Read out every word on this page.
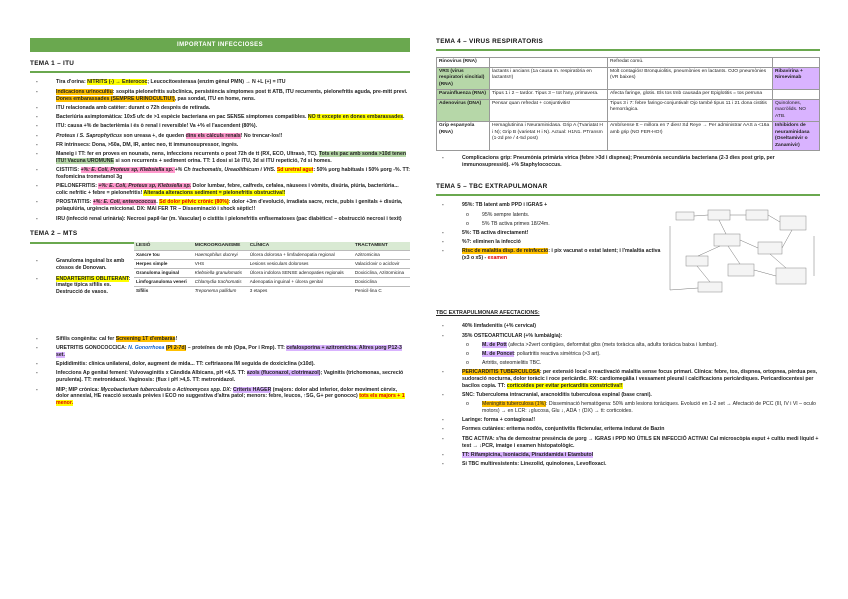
IMPORTANT INFECCIOSES
TEMA 1 – ITU
- Tira d'orina: NITRITS (-) → Enterococ; Leucocitoesterasa (enzim gènul PMN) → N +L (+) = ITU
- Indicacions urinocultiu: sospita pielonefritis subclínica, persistència símptomes post tt ATB, ITU recurrents, pielonefritis aguda, pre-mitt previ. Dones embarassades (SEMPRE URINOCULTIU!), pas sondat, ITU en home, nens.
- ITU relacionada amb catèter: durant o 72h després de retirada.
- Bacteriúria asimptomàtica: 10x5 ufc de >1 espècie bacteriana en pac SENSE símptomes compatibles. NO tt excepte en dones embarassades.
- ITU: causa +% de bacterièmia i és ò renal i reversible! Va +% el l'ascendent (80%).
- Proteus i S. Saprophyticus son ureasa +, de queden dins els càlculs renals! No trencar-los!!
- FR intrínsecs: Dona, >50a, DM, IR, antec neo, tt immunosupressor, ingrés.
- Maneig i TT: fer en proves en nounats, nens, infeccions recurrents o post 72h de tt (RX, ECO, Ultrasò, TC). Tots els pac amb sonda >10d tenen ITU! Vacuna UROMUNE si son recurrents + sediment orina. TT: 1 dosi si 1è ITU, 3d si ITU repetició, 7d si homes.
- CISTITIS: +%: E. Coli, Proteus sp, Klebsiella sp. +% Ch trachomatis, Ureaolithicum i VHS. Sd uretral agut: 50% μorg habituals i 50% μorg -%. TT: fosfomicina trometamol 3g
- PIELONEFRITIS: +%: E. Coli, Proteus sp, Klebsiella sp. Dolor lumbar, febre, calfreds, cefalea, nàusees i vòmits, disúria, piúria, bacteriúria... colic nefrític + febre = pielonefritis! Alterada alteracions sediment = pielonefritis obstructiva!!
- PROSTATITIS: +%: E. Coli, enterococcus. Sd dolor pèlvic crònic (80%): dolor +3m d'evolució, irradiata sacre, recte, pubis i genitals + disúria, polaquiúria, urgència miccional. DX: MAI FER TR – Disseminació i shock sèptic!!
- IRU (infecció renal urinària): Necrosi papil·lar (m. Vascular) o cistitis i pielonefritis enfisematoses (pac diabètics! – obstrucció necrosi i texit)
TEMA 2 – MTS
- Granuloma inguinal bx amb còssos de Donovan.
- ENDARTERITIS OBLITERANT: imatge típica sífilis es. Destrucció de vasos.
LESIÓ	MICROORGANISME	CLÍNICA	TRACTAMENT
Xancre tou	Haemophilus ducreyi	Úlcera dolorosa + limfadenopatia regional	Azitromicina
Herpes simple	VHS	Lesions vesiculars doloroses	Valaciclovir o aciclovir
Granuloma inguinal	Klebsiella granulomatis	Úlcera indolora SENSE adenopaties regionals	Doxiciclina, Azitromicina
Limfogranuloma veneri	Chlamydia trachomatis	Adenopatia inguinal + úlcera genital	Doxiciclina
Sífilis	Treponema pallidum	3 etapes	Penicil·lina C
- Sífilis congènita: cal fer Screening 1T d'embaràs!
- URETRITIS GONOCOCCICA: N. Gonorrhoea (Pl 2-7d) – proteïnes de mb (Opa, Por i Rmp). TT: cefalosporina + azitromicina. Altres μorg P12-3 set.
- Epididimitis: clínica unilateral, dolor, augment de mida... TT: ceftriaxona IM seguida de doxiciclina (x10d).
- Infeccions Ap genital femení: Vulvovaginitis x Càndida Albicans, pH <4,5. TT: azols (fluconazol, clotrimazol); Vaginitis (trichomonas, secreció purulenta). TT: metronidazol. Vaginosis: (flux i pH >4,5. TT: metronidazol.
- MIP; MIP crònica: Mycobacterium tuberculosis o Actinomyces spp. DX: Criteris HAGER (majors: dolor abd inferior, dolor moviment cèrvix, dolor annexial, HE reacció sexuals prèvies i ECO no suggestiva d'altra patol; menors: febre, leucos, ↑SG, G+ per gonococ) tots els majors + 1 menor.
TEMA 4 – VIRUS RESPIRATORIS
Rinovirus (RNA)		Refredat comú.	
VRS (virus respiratori sincitial) (RNA)	lactants i ancians (1a causa m. respiratòria en lactants!!)	Molt contagiós! Bronquiolitis, pneumònies en lactants. OJO pneumònies (VR baixes)	Ribavirina + Nirsevimab
Parainfluenza (RNA)	Tipus 1 i 2 – tardor. Tipus 3 – tot l'any, primavera.	Afecta faringe, glotis. Els tos tmb causada per Epiglotitis = tos perruna	
Adenovirus (DNA)	Pensar quan refredat + conjuntivitis!	Tipus 3 i 7: febre faringo-conjuntival! Ojo també tipus 11 i 21 dona cistitis hemorràgica.	Quinolones, macròlids. NO ATB.
Grip espanyola (RNA)	Hemaglutinina i Neuraminidasa. Grip A (Tvariatat H i N); Grip B (varietat H i N). Actual: H1N1. PTransm (1-2d pre / 4-5d post)	Amb/sense tt – millora en 7 dies! Sd Reye → Per administrar AAS a <16a amb grip (NO FER-HO!)	Inhibidors de neuraminidasa (Oseltamivir o Zanamivir)
- Complicacions grip: Pneumònia primària vírica (febre >3d i dispnea); Pneumònia secundària bacteriana (2-3 dies post grip, per immunosupressió). +% Staphylococcus.
TEMA 5 – TBC EXTRAPULMONAR
- 95%: TB latent amb PPD i IGRAS +
o 95% sempre latents.
o 5% TB activa primes 18/24m.
- 5%: TB activa directament!
- %?: eliminen la infecció
- Risc de malaltia disp. de reinfecció: i pix vacunat o estat latent; i l'malaltia activa (x3 o x5) - examen
TBC EXTRAPULMONAR AFECTACIONS:
- 40% limfadenitis (+% cervical)
- 35% OSTEOARTICULAR (+% lumbàlgia):
o M. de Pott (afecta >2vert contigües, deformitat gibs (mets toràcica alta, adults toràcica baixa i lumbar).
o M. de Poncet: poliartritis reactiva simètrica (>3 art).
o Artritis, osteomielitis TBC.
- PERICARDITIS TUBERCULOSA: per extensió local o reactivació malaltia sense focus primari. Clínica: febre, tos, dispnea, ortopnea, pèrdua pes, sudoració nocturna, dolor toràcic i roce pericàrdic. RX: cardiomegàlia i vessament pleural i calcificacions pericàrdiques. Pericardiocentesi per bacilos copia. TT: corticoides per evitar pericarditis constrictiva!!
- SNC: Tuberculoma intracranial, aracnoiditis tuberculosa espinal (base crani).
o Meningitis tuberculosa (1%): Disseminació hematògena: 50% amb lesions toràciques. Evolució en 1-2 set → Afectació de PCC (III, IV i VI – oculo motors) → en LCR: ↓glucosa, Glu ↓, ADA ↑ (DX) → tt: corticoides.
- Laringe: forma + contagiosa!!
- Formes cutànies: eritema nodós, conjuntivitis flictenular, eritema indurat de Bazin
- TBC ACTIVA: s'ha de demostrar presència de μorg → IGRAS i PPD NO ÚTILS EN INFECCIÓ ACTIVA! Cal microscòpia esput + cultiu medi líquid + test → ↓PCR, imatge i examen histopatològic.
- TT: Rifampicina, Isoniacida, Pirazidamida i Etambutol
- Si TBC multiresistents: Linezolid, quinolones, Levofloxaci.
